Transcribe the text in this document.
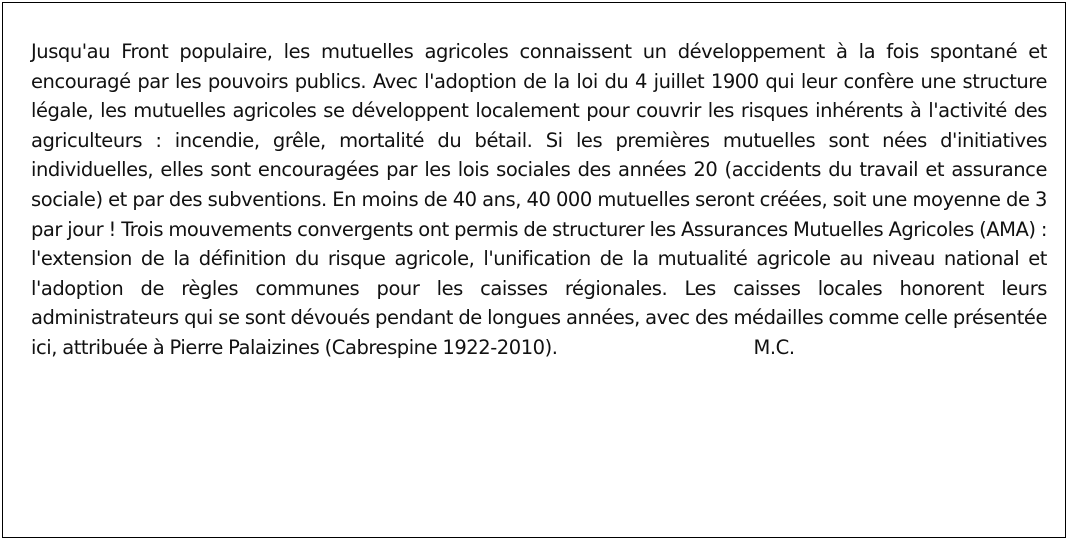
Jusqu'au Front populaire, les mutuelles agricoles connaissent un développement à la fois spontané et encouragé par les pouvoirs publics. Avec l'adoption de la loi du 4 juillet 1900 qui leur confère une structure légale, les mutuelles agricoles se développent localement pour couvrir les risques inhérents à l'activité des agriculteurs : incendie, grêle, mortalité du bétail. Si les premières mutuelles sont nées d'initiatives individuelles, elles sont encouragées par les lois sociales des années 20 (accidents du travail et assurance sociale) et par des subventions. En moins de 40 ans, 40 000 mutuelles seront créées, soit une moyenne de 3 par jour ! Trois mouvements convergents ont permis de structurer les Assurances Mutuelles Agricoles (AMA) : l'extension de la définition du risque agricole, l'unification de la mutualité agricole au niveau national et l'adoption de règles communes pour les caisses régionales. Les caisses locales honorent leurs administrateurs qui se sont dévoués pendant de longues années, avec des médailles comme celle présentée ici, attribuée à Pierre Palaizines (Cabrespine 1922-2010).	M.C.
